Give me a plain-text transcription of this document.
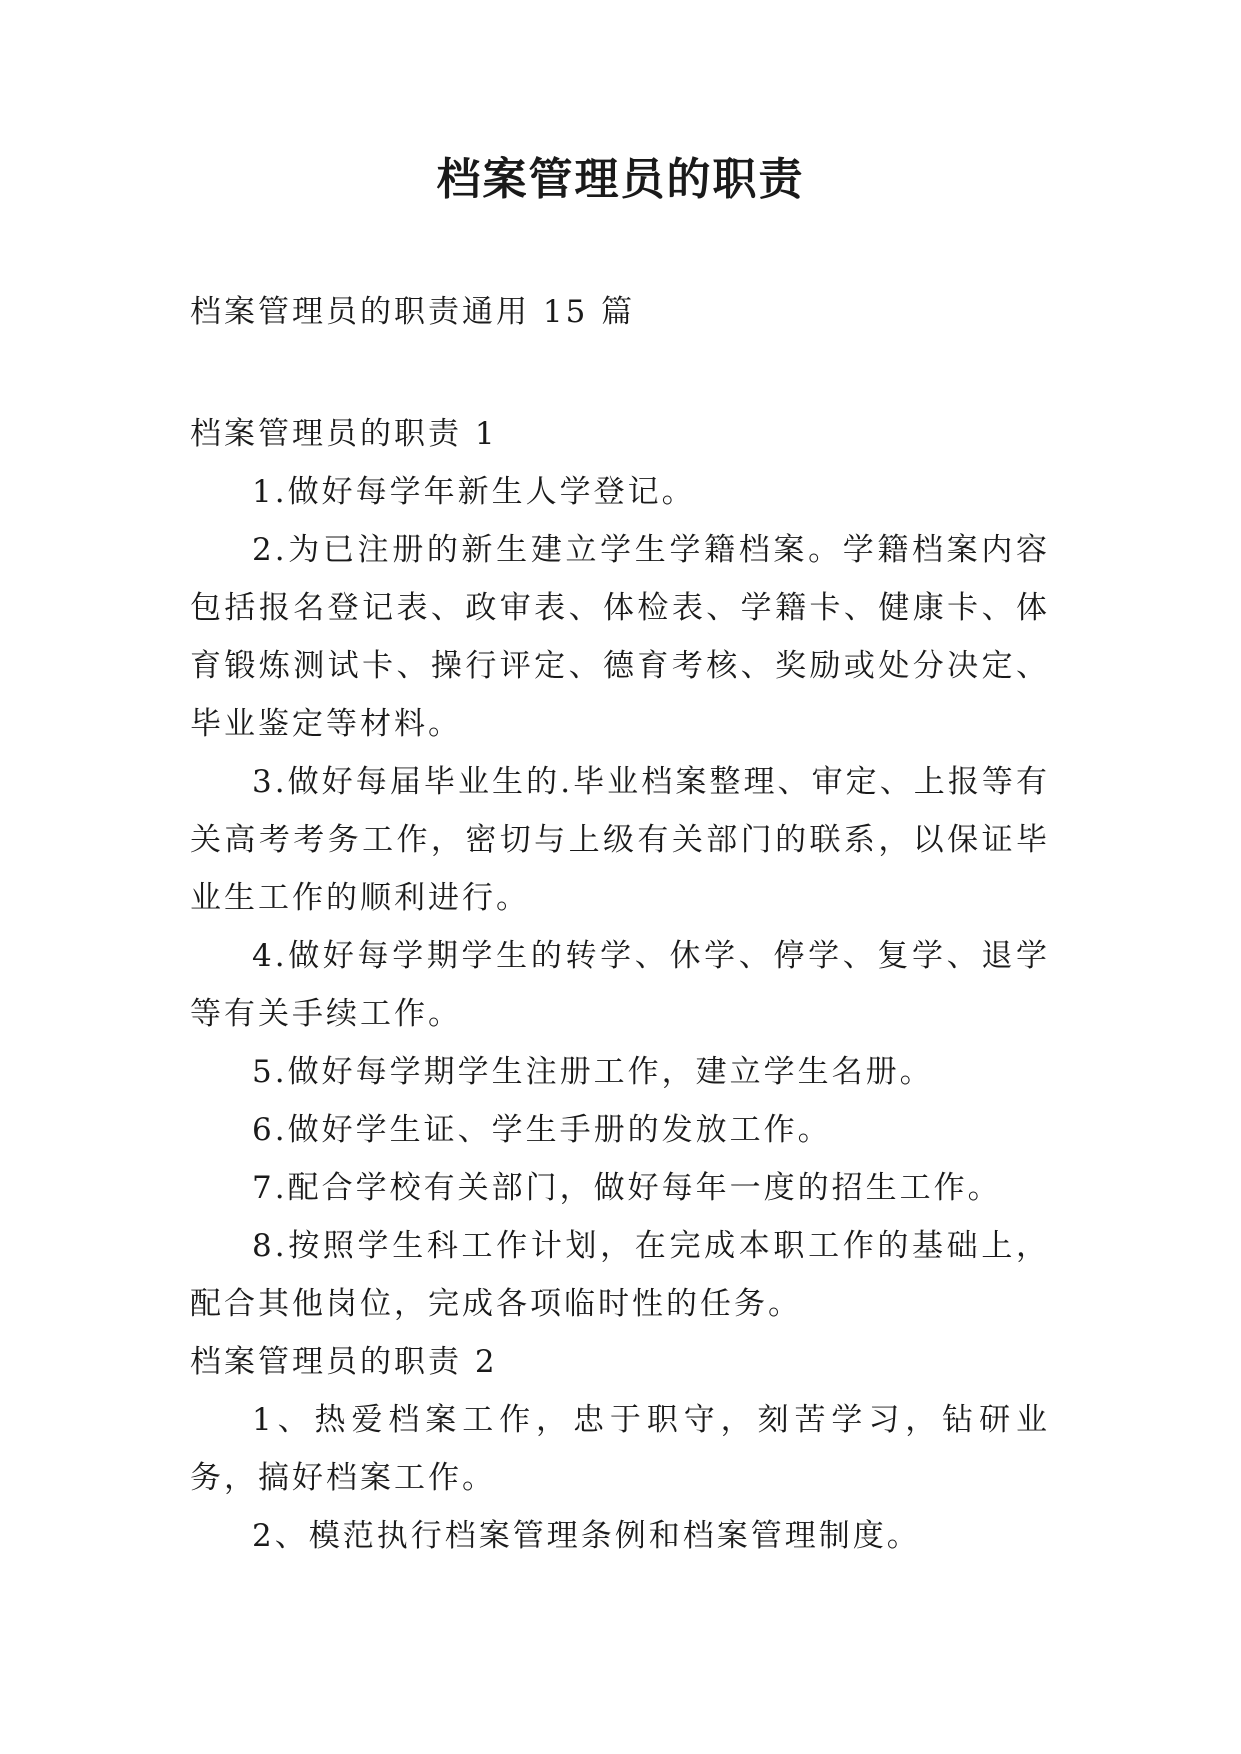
档案管理员的职责

档案管理员的职责通用 15 篇

档案管理员的职责 1

1.做好每学年新生人学登记。

2.为已注册的新生建立学生学籍档案。学籍档案内容包括报名登记表、政审表、体检表、学籍卡、健康卡、体育锻炼测试卡、操行评定、德育考核、奖励或处分决定、毕业鉴定等材料。

3.做好每届毕业生的.毕业档案整理、审定、上报等有关高考考务工作，密切与上级有关部门的联系，以保证毕业生工作的顺利进行。

4.做好每学期学生的转学、休学、停学、复学、退学等有关手续工作。

5.做好每学期学生注册工作，建立学生名册。

6.做好学生证、学生手册的发放工作。

7.配合学校有关部门，做好每年一度的招生工作。

8.按照学生科工作计划，在完成本职工作的基础上，配合其他岗位，完成各项临时性的任务。

档案管理员的职责 2

1、热爱档案工作，忠于职守，刻苦学习，钻研业务，搞好档案工作。

2、模范执行档案管理条例和档案管理制度。
